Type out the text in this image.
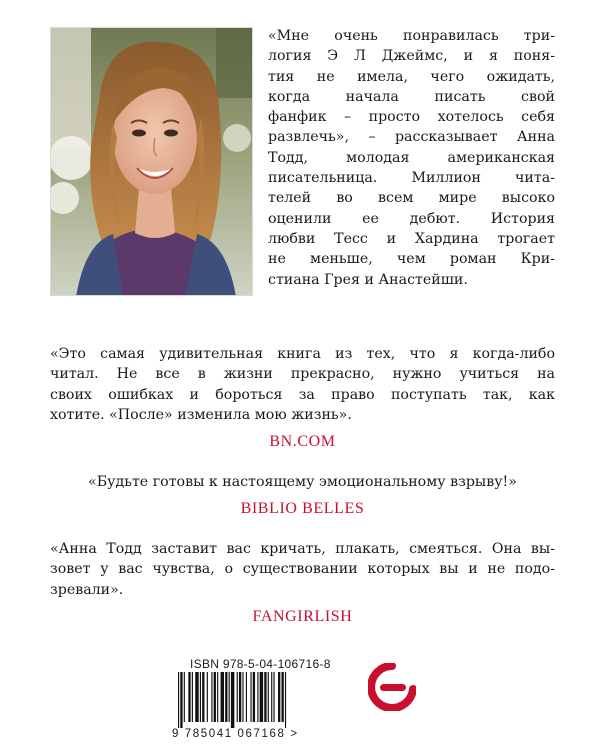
«Мне очень понравилась три-
логия Э Л Джеймс, и я поня-
тия не имела, чего ожидать,
когда начала писать свой
фанфик – просто хотелось себя
развлечь», – рассказывает Анна
Тодд, молодая американская
писательница. Миллион чита-
телей во всем мире высоко
оценили ее дебют. История
любви Тесс и Хардина трогает
не меньше, чем роман Кри-
стиана Грея и Анастейши.
«Это самая удивительная книга из тех, что я когда-либо
читал. Не все в жизни прекрасно, нужно учиться на
своих ошибках и бороться за право поступать так, как
хотите. «После» изменила мою жизнь».
BN.COM
«Будьте готовы к настоящему эмоциональному взрыву!»
BIBLIO BELLES
«Анна Тодд заставит вас кричать, плакать, смеяться. Она вы-
зовет у вас чувства, о существовании которых вы и не подо-
зревали».
FANGIRLISH
ISBN 978-5-04-106716-8
9 785041 067168 >
